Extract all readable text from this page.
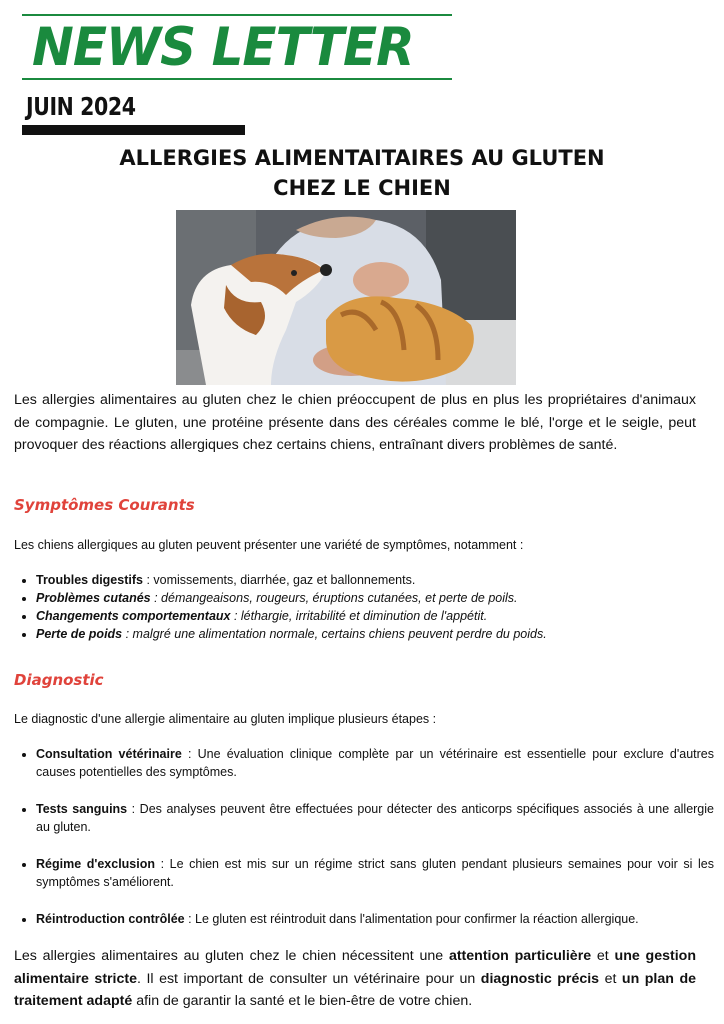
NEWS LETTER
JUIN 2024
ALLERGIES ALIMENTAITAIRES AU GLUTEN
CHEZ LE CHIEN

Les allergies alimentaires au gluten chez le chien préoccupent de plus en plus les propriétaires d'animaux de compagnie. Le gluten, une protéine présente dans des céréales comme le blé, l'orge et le seigle, peut provoquer des réactions allergiques chez certains chiens, entraînant divers problèmes de santé.

Symptômes Courants

Les chiens allergiques au gluten peuvent présenter une variété de symptômes, notamment :

• Troubles digestifs : vomissements, diarrhée, gaz et ballonnements.
• Problèmes cutanés : démangeaisons, rougeurs, éruptions cutanées, et perte de poils.
• Changements comportementaux : léthargie, irritabilité et diminution de l'appétit.
• Perte de poids : malgré une alimentation normale, certains chiens peuvent perdre du poids.
Diagnostic

Le diagnostic d'une allergie alimentaire au gluten implique plusieurs étapes :

• Consultation vétérinaire : Une évaluation clinique complète par un vétérinaire est essentielle pour exclure d'autres causes potentielles des symptômes.
• Tests sanguins : Des analyses peuvent être effectuées pour détecter des anticorps spécifiques associés à une allergie au gluten.
• Régime d'exclusion : Le chien est mis sur un régime strict sans gluten pendant plusieurs semaines pour voir si les symptômes s'améliorent.
• Réintroduction contrôlée : Le gluten est réintroduit dans l'alimentation pour confirmer la réaction allergique.

Les allergies alimentaires au gluten chez le chien nécessitent une attention particulière et une gestion alimentaire stricte. Il est important de consulter un vétérinaire pour un diagnostic précis et un plan de traitement adapté afin de garantir la santé et le bien-être de votre chien.
